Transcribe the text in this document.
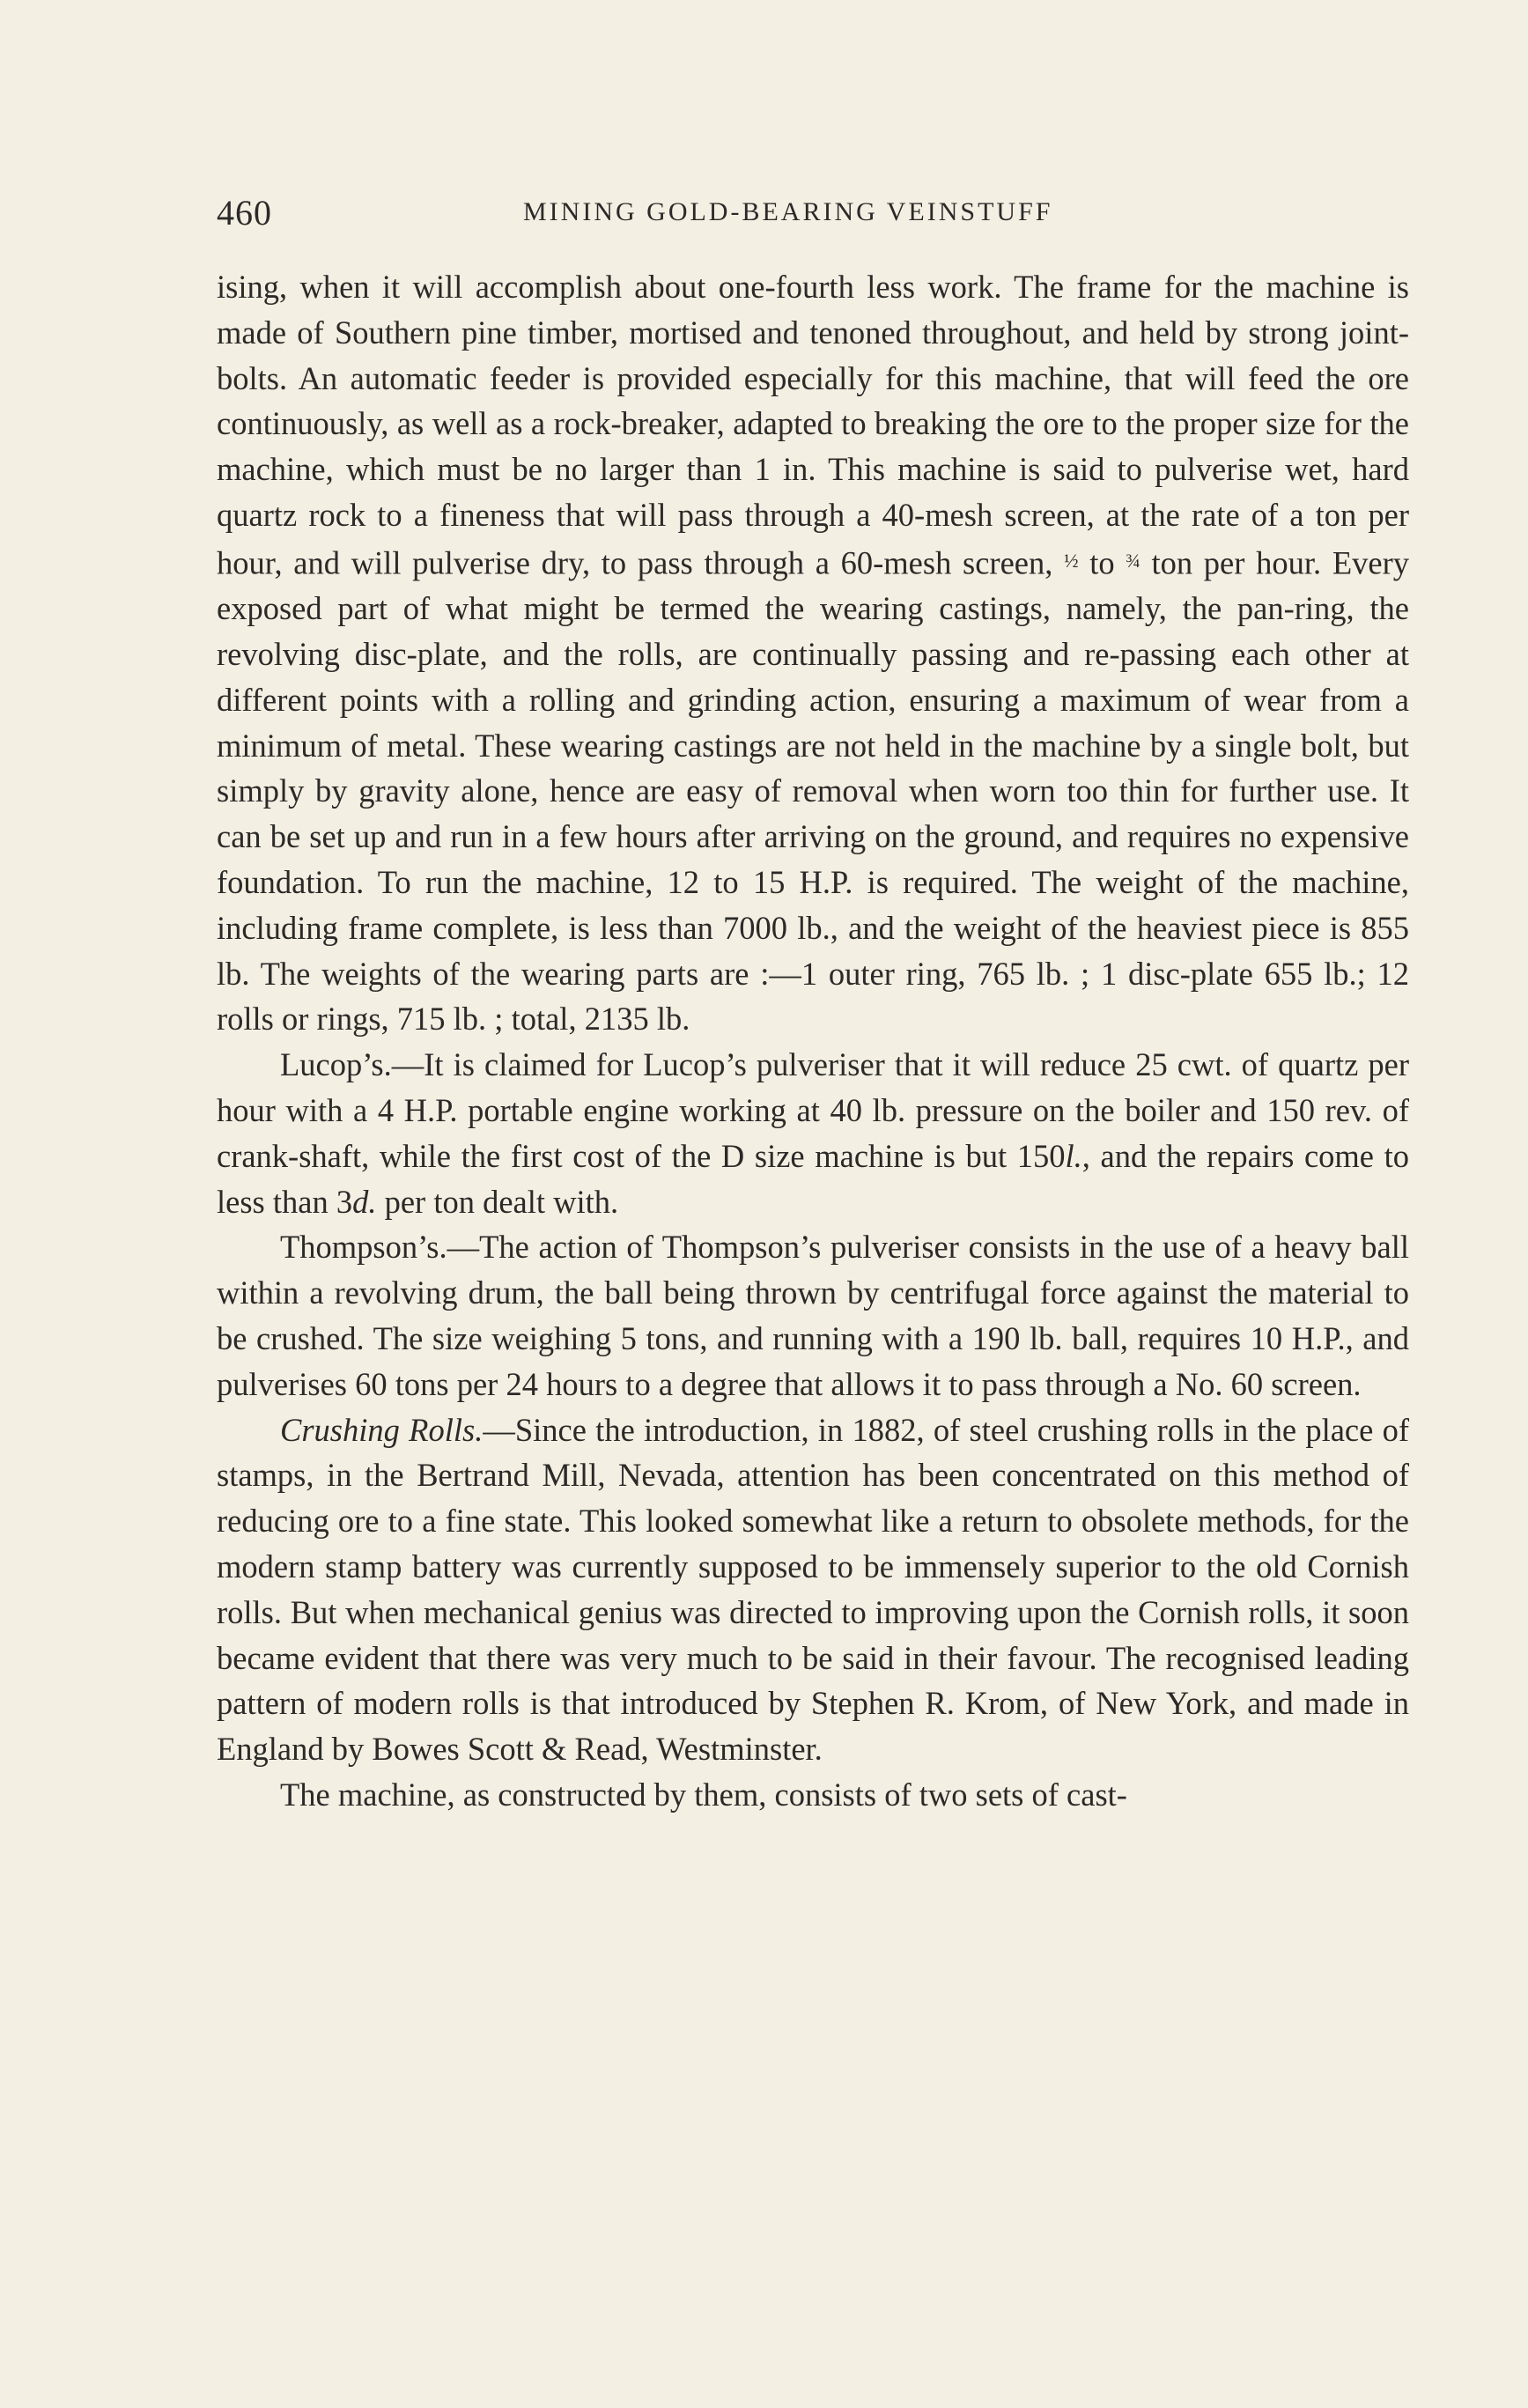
460	MINING GOLD-BEARING VEINSTUFF

ising, when it will accomplish about one-fourth less work. The frame for the machine is made of Southern pine timber, mortised and tenoned throughout, and held by strong joint-bolts. An automatic feeder is provided especially for this machine, that will feed the ore continuously, as well as a rock-breaker, adapted to breaking the ore to the proper size for the machine, which must be no larger than 1 in. This machine is said to pulverise wet, hard quartz rock to a fineness that will pass through a 40-mesh screen, at the rate of a ton per hour, and will pulverise dry, to pass through a 60-mesh screen, $^{\frac{1}{2}}$ to $^{\frac{3}{4}}$ ton per hour. Every exposed part of what might be termed the wearing castings, namely, the pan-ring, the revolving disc-plate, and the rolls, are continually passing and re-passing each other at different points with a rolling and grinding action, ensuring a maximum of wear from a minimum of metal. These wearing castings are not held in the machine by a single bolt, but simply by gravity alone, hence are easy of removal when worn too thin for further use. It can be set up and run in a few hours after arriving on the ground, and requires no expensive foundation. To run the machine, 12 to 15 H.P. is required. The weight of the machine, including frame complete, is less than 7000 lb., and the weight of the heaviest piece is 855 lb. The weights of the wearing parts are :—1 outer ring, 765 lb. ; 1 disc-plate 655 lb.; 12 rolls or rings, 715 lb. ; total, 2135 lb.

Lucop’s.—It is claimed for Lucop’s pulveriser that it will reduce 25 cwt. of quartz per hour with a 4 H.P. portable engine working at 40 lb. pressure on the boiler and 150 rev. of crank-shaft, while the first cost of the D size machine is but 150l., and the repairs come to less than 3d. per ton dealt with.

Thompson’s.—The action of Thompson’s pulveriser consists in the use of a heavy ball within a revolving drum, the ball being thrown by centrifugal force against the material to be crushed. The size weighing 5 tons, and running with a 190 lb. ball, requires 10 H.P., and pulverises 60 tons per 24 hours to a degree that allows it to pass through a No. 60 screen.

Crushing Rolls.—Since the introduction, in 1882, of steel crushing rolls in the place of stamps, in the Bertrand Mill, Nevada, attention has been concentrated on this method of reducing ore to a fine state. This looked somewhat like a return to obsolete methods, for the modern stamp battery was currently supposed to be immensely superior to the old Cornish rolls. But when mechanical genius was directed to improving upon the Cornish rolls, it soon became evident that there was very much to be said in their favour. The recognised leading pattern of modern rolls is that introduced by Stephen R. Krom, of New York, and made in England by Bowes Scott & Read, Westminster.

The machine, as constructed by them, consists of two sets of cast-
